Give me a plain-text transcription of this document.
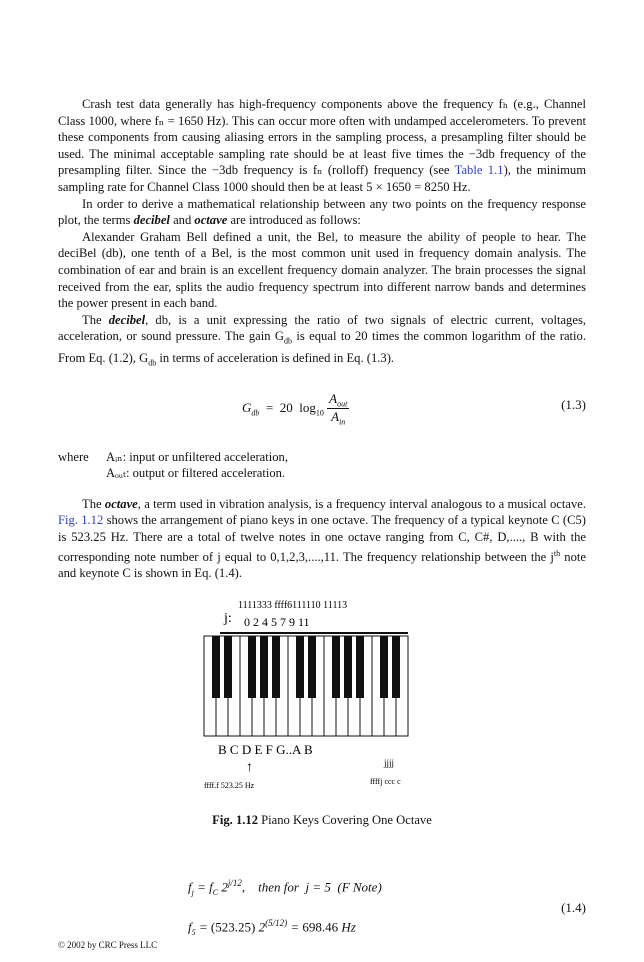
Crash test data generally has high-frequency components above the frequency fₕ (e.g., Channel Class 1000, where fₙ = 1650 Hz). This can occur more often with undamped accelerometers. To prevent these components from causing aliasing errors in the sampling process, a presampling filter should be used. The minimal acceptable sampling rate should be at least five times the −3db frequency of the presampling filter. Since the −3db frequency is fₙ (rolloff) frequency (see Table 1.1), the minimum sampling rate for Channel Class 1000 should then be at least 5 × 1650 = 8250 Hz.

In order to derive a mathematical relationship between any two points on the frequency response plot, the terms decibel and octave are introduced as follows:

Alexander Graham Bell defined a unit, the Bel, to measure the ability of people to hear. The deciBel (db), one tenth of a Bel, is the most common unit used in frequency domain analysis. The combination of ear and brain is an excellent frequency domain analyzer. The brain processes the signal received from the ear, splits the audio frequency spectrum into different narrow bands and determines the power present in each band.

The decibel, db, is a unit expressing the ratio of two signals of electric current, voltages, acceleration, or sound pressure. The gain $G_{db}$ is equal to 20 times the common logarithm of the ratio. From Eq. (1.2), $G_{db}$ in terms of acceleration is defined in Eq. (1.3).

$G_{db} = 20$ $\log_{10} \frac{A_{out}}{A_{in}}$	(1.3)
where	Aᵢₙ: input or unfiltered acceleration,
Aₒᵤₜ: output or filtered acceleration.

The octave, a term used in vibration analysis, is a frequency interval analogous to a musical octave. Fig. 1.12 shows the arrangement of piano keys in one octave. The frequency of a typical keynote C (C5) is 523.25 Hz. There are a total of twelve notes in one octave ranging from C, C#, D,...., B with the corresponding note number of j equal to 0,1,2,3,....,11. The frequency relationship between the $j^{th}$ note and keynote C is shown in Eq. (1.4).

j:
1111333 ffff6111110 11113
0 2 4 5 7 9 11
B C D E F G..A B
↑
ffff.f 523.25 Hz	ffffj ccc c
jjjj
Fig. 1.12 Piano Keys Covering One Octave
$f_j = f_C$ $2^{j/12}$,    then for  j = 5  (F Note)
$f_5 = (523.25) 2^{(5/12)} = 698.46$ Hz
(1.4)
© 2002 by CRC Press LLC
